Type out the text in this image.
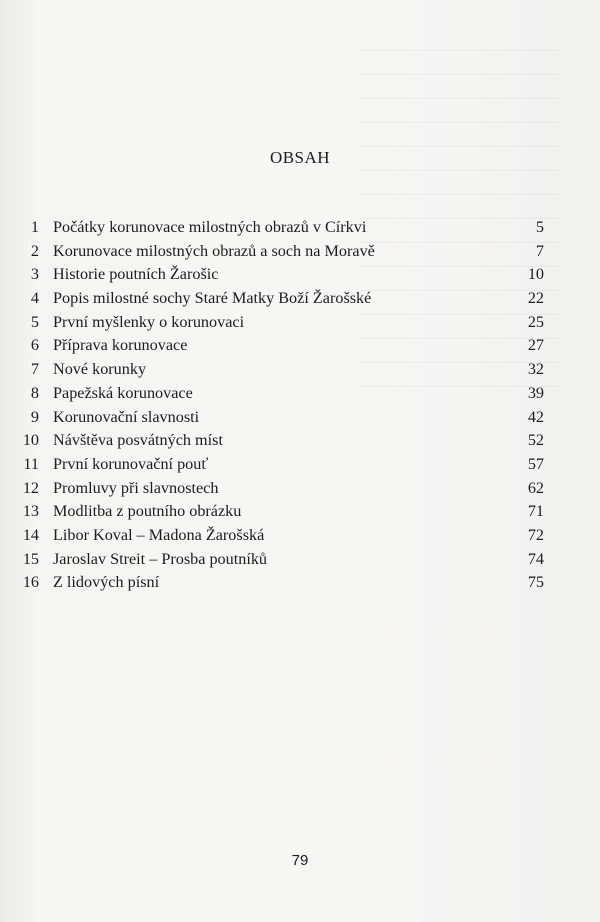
OBSAH
1 Počátky korunovace milostných obrazů v Církvi	5
2 Korunovace milostných obrazů a soch na Moravě	7
3 Historie poutních Žarošic	10
4 Popis milostné sochy Staré Matky Boží Žarošské	22
5 První myšlenky o korunovaci	25
6 Příprava korunovace	27
7 Nové korunky	32
8 Papežská korunovace	39
9 Korunovační slavnosti	42
10 Návštěva posvátných míst	52
11 První korunovační pouť	57
12 Promluvy při slavnostech	62
13 Modlitba z poutního obrázku	71
14 Libor Koval – Madona Žarošská	72
15 Jaroslav Streit – Prosba poutníků	74
16 Z lidových písní	75
79
